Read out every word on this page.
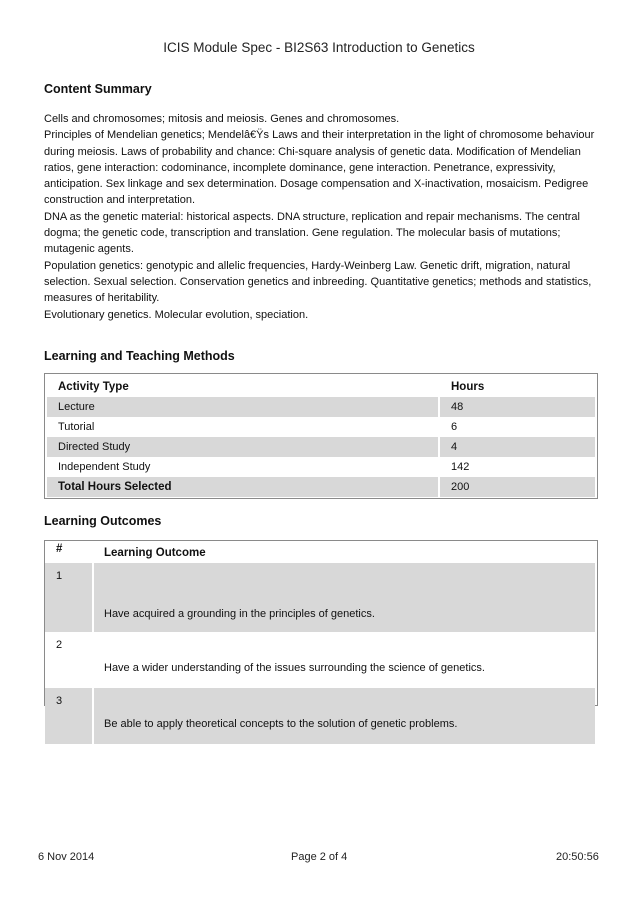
ICIS Module Spec - BI2S63 Introduction to Genetics
Content Summary

Cells and chromosomes; mitosis and meiosis. Genes and chromosomes.

Principles of Mendelian genetics; Mendelâ€Ÿs Laws and their interpretation in the light of chromosome behaviour during meiosis. Laws of probability and chance: Chi-square analysis of genetic data. Modification of Mendelian ratios, gene interaction: codominance, incomplete dominance, gene interaction. Penetrance, expressivity,

anticipation. Sex linkage and sex determination. Dosage compensation and X-inactivation, mosaicism. Pedigree construction and interpretation.

DNA as the genetic material: historical aspects. DNA structure, replication and repair mechanisms. The central dogma; the genetic code, transcription and translation. Gene regulation. The molecular basis of mutations; mutagenic agents.

Population genetics: genotypic and allelic frequencies, Hardy-Weinberg Law. Genetic drift, migration, natural selection. Sexual selection. Conservation genetics and inbreeding. Quantitative genetics; methods and statistics, measures of heritability.

Evolutionary genetics. Molecular evolution, speciation.

Learning and Teaching Methods
Activity Type	Hours
Lecture	48
Tutorial	6
Directed Study	4
Independent Study	142
Total Hours Selected	200
Learning Outcomes
#	Learning Outcome
1	Have acquired a grounding in the principles of genetics.
2	Have a wider understanding of the issues surrounding the science of genetics.
3	Be able to apply theoretical concepts to the solution of genetic problems.
6 Nov 2014	Page 2 of 4	20:50:56
